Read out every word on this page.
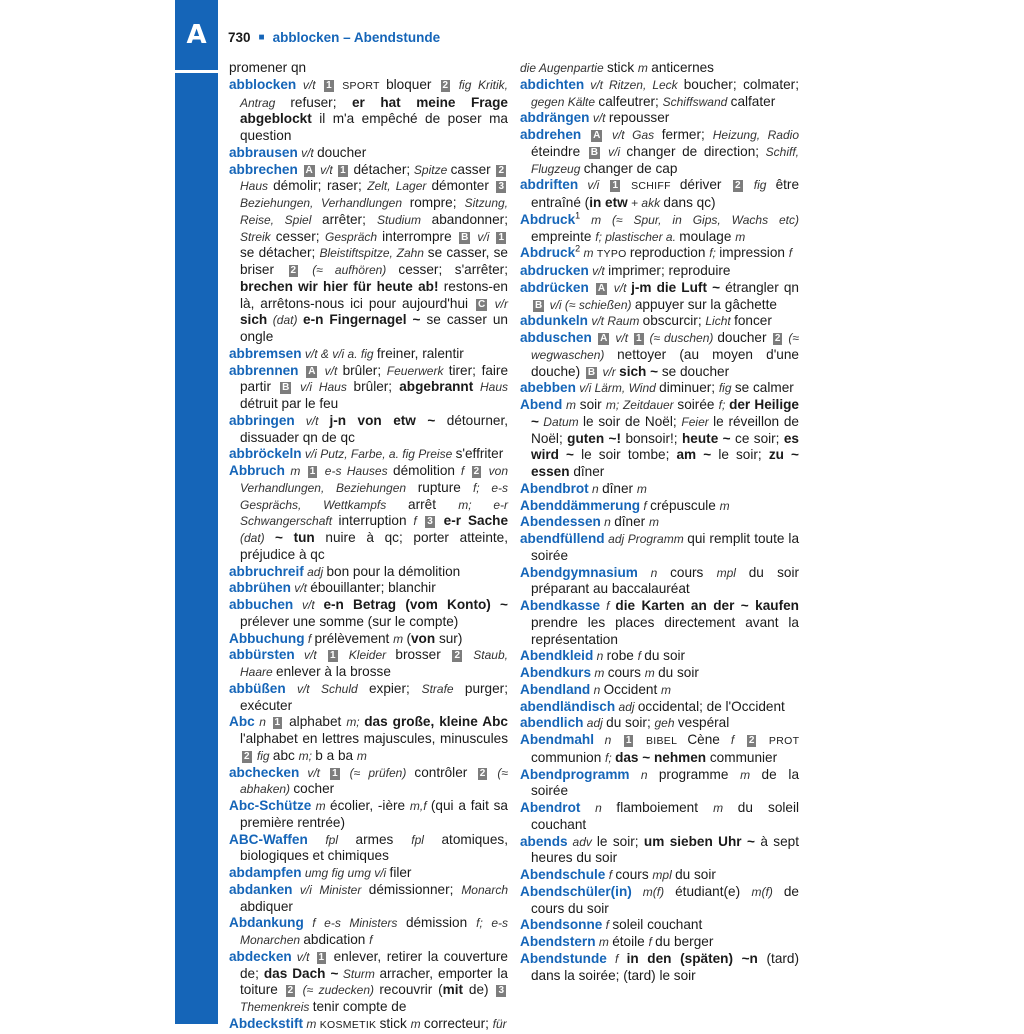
A	730 ■ abblocken – Abendstunde

promener qn

abblocken v/t 1 SPORT bloquer 2 fig Kritik, Antrag refuser; er hat meine Frage abgeblockt il m'a empêché de poser ma question

abbrausen v/t doucher

abbrechen A v/t 1 détacher; Spitze casser 2 Haus démolir; raser; Zelt, Lager démonter 3 Beziehungen, Verhandlungen rompre; Sitzung, Reise, Spiel arrêter; Studium abandonner; Streik cesser; Gespräch interrompre B v/i 1 se détacher; Bleistiftspitze, Zahn se casser, se briser 2 (≈ aufhören) cesser; s'arrêter; brechen wir hier für heute ab! restons-en là, arrêtons-nous ici pour aujourd'hui C v/r sich (dat) e-n Fingernagel ~ se casser un ongle

abbremsen v/t & v/i a. fig freiner, ralentir

abbrennen A v/t brûler; Feuerwerk tirer; faire partir B v/i Haus brûler; abgebrannt Haus détruit par le feu

abbringen v/t j-n von etw ~ détourner, dissuader qn de qc

abbröckeln v/i Putz, Farbe, a. fig Preise s'effriter

Abbruch m 1 e-s Hauses démolition f 2 von Verhandlungen, Beziehungen rupture f; e-s Gesprächs, Wettkampfs arrêt m; e-r Schwangerschaft interruption f 3 e-r Sache (dat) ~ tun nuire à qc; porter atteinte, préjudice à qc

abbruchreif adj bon pour la démolition

abbrühen v/t ébouillanter; blanchir

abbuchen v/t e-n Betrag (vom Konto) ~ prélever une somme (sur le compte)

Abbuchung f prélèvement m (von sur)

abbürsten v/t 1 Kleider brosser 2 Staub, Haare enlever à la brosse

abbüßen v/t Schuld expier; Strafe purger; exécuter

Abc n 1 alphabet m; das große, kleine Abc l'alphabet en lettres majuscules, minuscules 2 fig abc m; b a ba m

abchecken v/t 1 (≈ prüfen) contrôler 2 (≈ abhaken) cocher

Abc-Schütze m écolier, -ière m,f (qui a fait sa première rentrée)

ABC-Waffen fpl armes fpl atomiques, biologiques et chimiques

abdampfen umg fig umg v/i filer

abdanken v/i Minister démissionner; Monarch abdiquer

Abdankung f e-s Ministers démission f; e-s Monarchen abdication f

abdecken v/t 1 enlever, retirer la couverture de; das Dach ~ Sturm arracher, emporter la toiture 2 (≈ zudecken) recouvrir (mit de) 3 Themenkreis tenir compte de

Abdeckstift m KOSMETIK stick m correcteur; für

die Augenpartie stick m anticernes

abdichten v/t Ritzen, Leck boucher; colmater; gegen Kälte calfeutrer; Schiffswand calfater

abdrängen v/t repousser

abdrehen A v/t Gas fermer; Heizung, Radio éteindre B v/i changer de direction; Schiff, Flugzeug changer de cap

abdriften v/i 1 SCHIFF dériver 2 fig être entraîné (in etw + akk dans qc)

Abdruck$^1$ m (≈ Spur, in Gips, Wachs etc) empreinte f; plastischer a. moulage m

Abdruck$^2$ m TYPO reproduction f; impression f

abdrucken v/t imprimer; reproduire

abdrücken A v/t j-m die Luft ~ étrangler qn B v/i (≈ schießen) appuyer sur la gâchette

abdunkeln v/t Raum obscurcir; Licht foncer

abduschen A v/t 1 (≈ duschen) doucher 2 (≈ wegwaschen) nettoyer (au moyen d'une douche) B v/r sich ~ se doucher

abebben v/i Lärm, Wind diminuer; fig se calmer

Abend m soir m; Zeitdauer soirée f; der Heilige ~ Datum le soir de Noël; Feier le réveillon de Noël; guten ~! bonsoir!; heute ~ ce soir; es wird ~ le soir tombe; am ~ le soir; zu ~ essen dîner

Abendbrot n dîner m

Abenddämmerung f crépuscule m

Abendessen n dîner m

abendfüllend adj Programm qui remplit toute la soirée

Abendgymnasium n cours mpl du soir préparant au baccalauréat

Abendkasse f die Karten an der ~ kaufen prendre les places directement avant la représentation

Abendkleid n robe f du soir

Abendkurs m cours m du soir

Abendland n Occident m

abendländisch adj occidental; de l'Occident

abendlich adj du soir; geh vespéral

Abendmahl n 1 BIBEL Cène f 2 PROT communion f; das ~ nehmen communier

Abendprogramm n programme m de la soirée

Abendrot n flamboiement m du soleil couchant

abends adv le soir; um sieben Uhr ~ à sept heures du soir

Abendschule f cours mpl du soir

Abendschüler(in) m(f) étudiant(e) m(f) de cours du soir

Abendsonne f soleil couchant

Abendstern m étoile f du berger

Abendstunde f in den (späten) ~n (tard) dans la soirée; (tard) le soir
